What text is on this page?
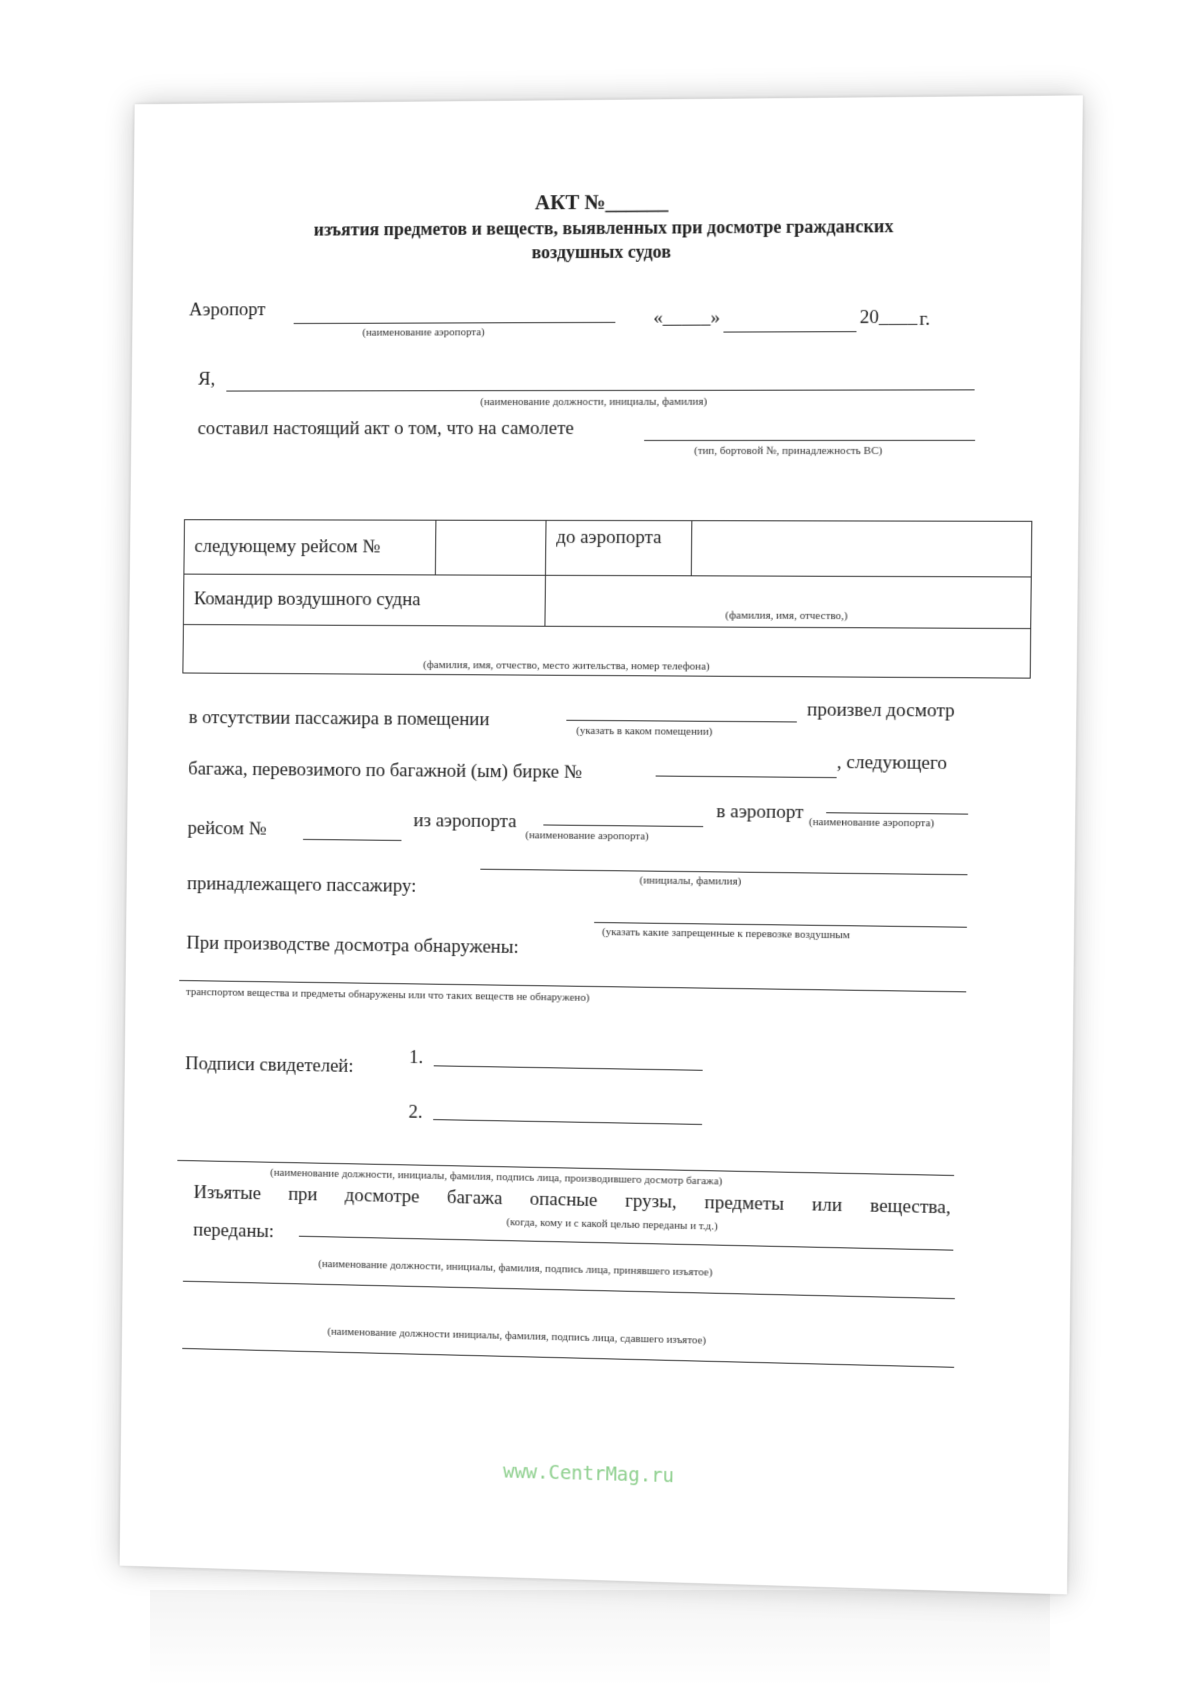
АКТ №______
изъятия предметов и веществ, выявленных при досмотре гражданских
воздушных судов
Аэропорт
(наименование аэропорта)
«_____»	20____ г.
Я,
(наименование должности, инициалы, фамилия)
составил настоящий акт о том, что на самолете
(тип, бортовой №, принадлежность ВС)
следующему рейсом №		до аэропорта	
Командир воздушного судна		(фамилия, имя, отчество,)	

(фамилия, имя, отчество, место жительства, номер телефона)
в отсутствии пассажира в помещении
(указать в каком помещении)
произвел досмотр
багажа, перевозимого по багажной (ым) бирке №	, следующего
рейсом №	из аэропорта
(наименование аэропорта)
в аэропорт (наименование аэропорта)
принадлежащего пассажиру:	(инициалы, фамилия)
При производстве досмотра обнаружены:	(указать какие запрещенные к перевозке воздушным
транспортом вещества и предметы обнаружены или что таких веществ не обнаружено)
Подписи свидетелей:	1.
2.
(наименование должности, инициалы, фамилия, подпись лица, производившего досмотр багажа)
Изъятые при досмотре багажа опасные грузы, предметы или вещества,
переданы:	(когда, кому и с какой целью переданы и т.д.)
(наименование должности, инициалы, фамилия, подпись лица, принявшего изъятое)
(наименование должности инициалы, фамилия, подпись лица, сдавшего изъятое)
www.CentrMag.ru
